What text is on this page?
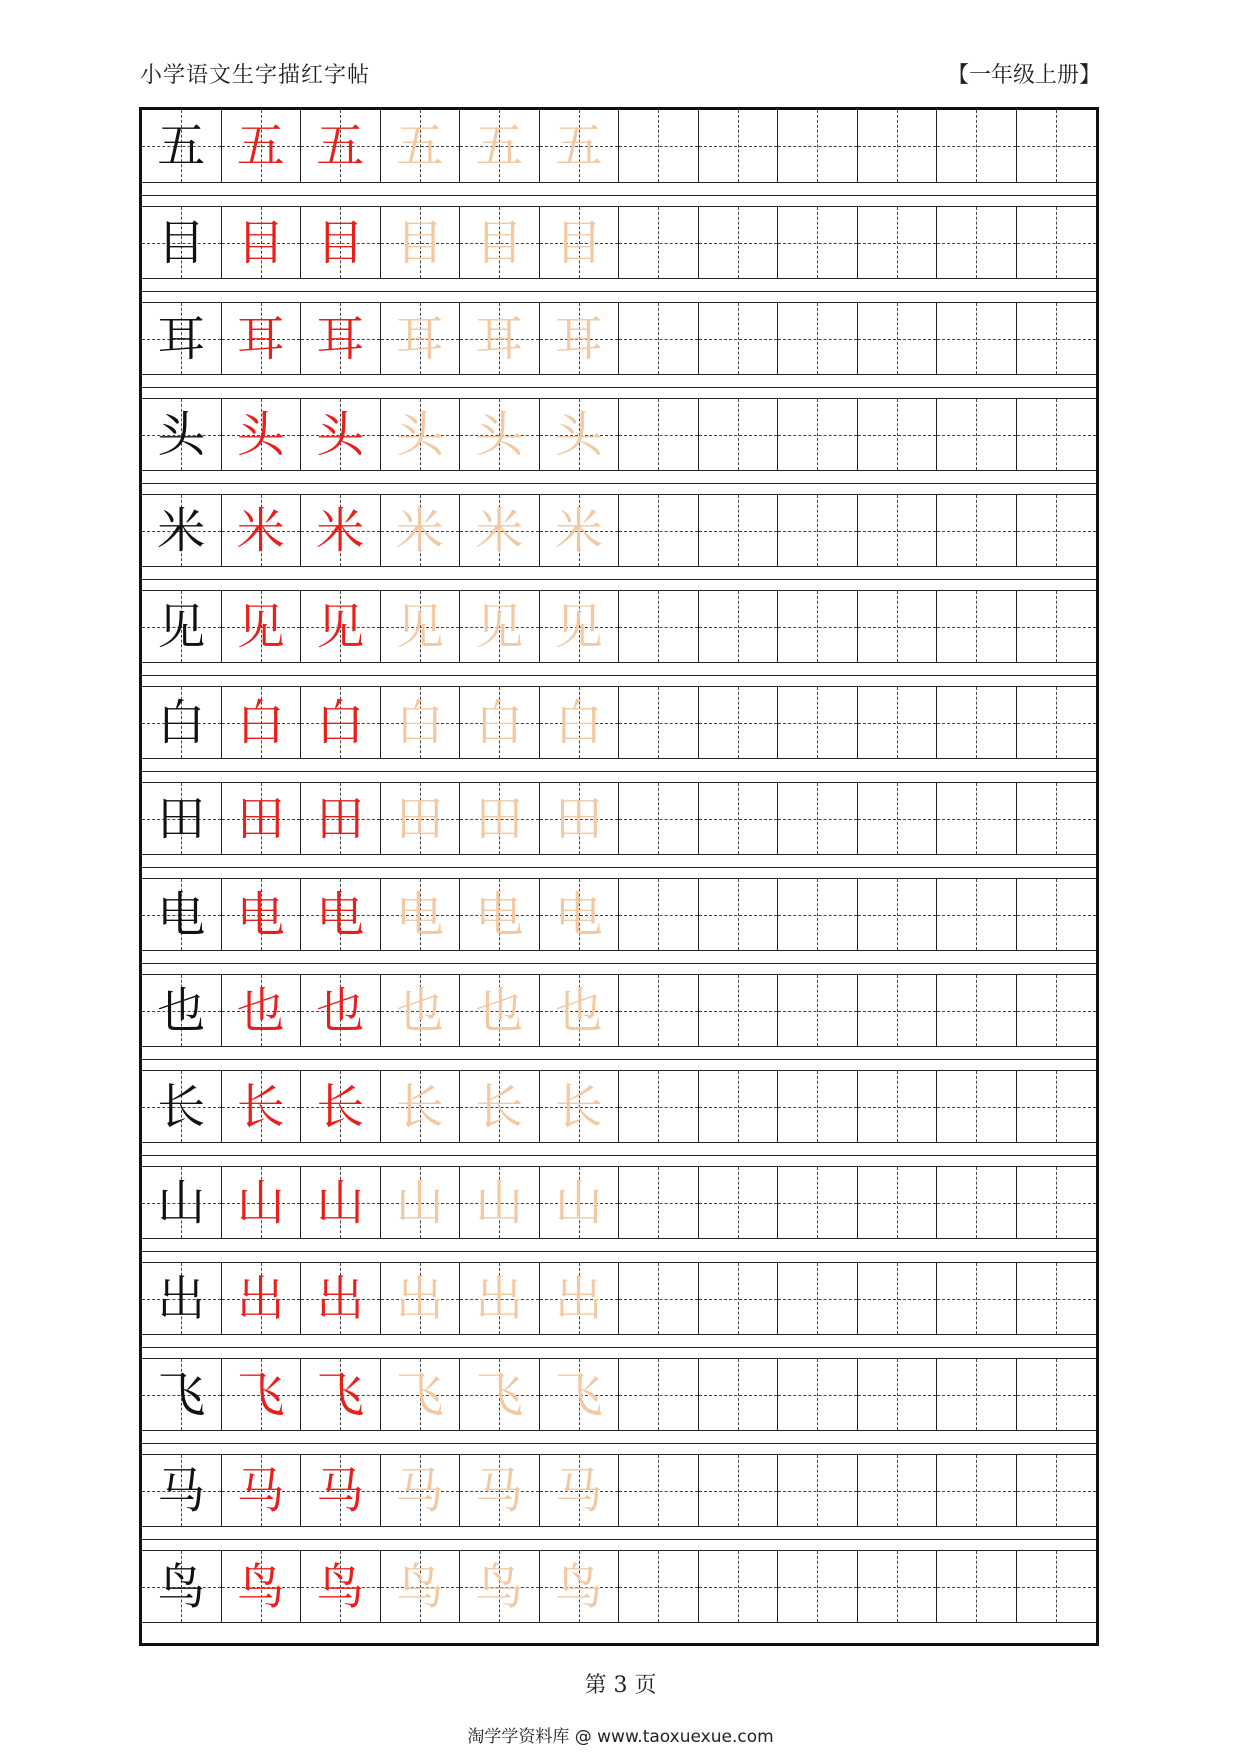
小学语文生字描红字帖	【一年级上册】
五 五 五 五 五 五
目 目 目 目 目 目
耳 耳 耳 耳 耳 耳
头 头 头 头 头 头
米 米 米 米 米 米
见 见 见 见 见 见
白 白 白 白 白 白
田 田 田 田 田 田
电 电 电 电 电 电
也 也 也 也 也 也
长 长 长 长 长 长
山 山 山 山 山 山
出 出 出 出 出 出
飞 飞 飞 飞 飞 飞
马 马 马 马 马 马
鸟 鸟 鸟 鸟 鸟 鸟
第 3 页
淘学学资料库 @ www.taoxuexue.com
